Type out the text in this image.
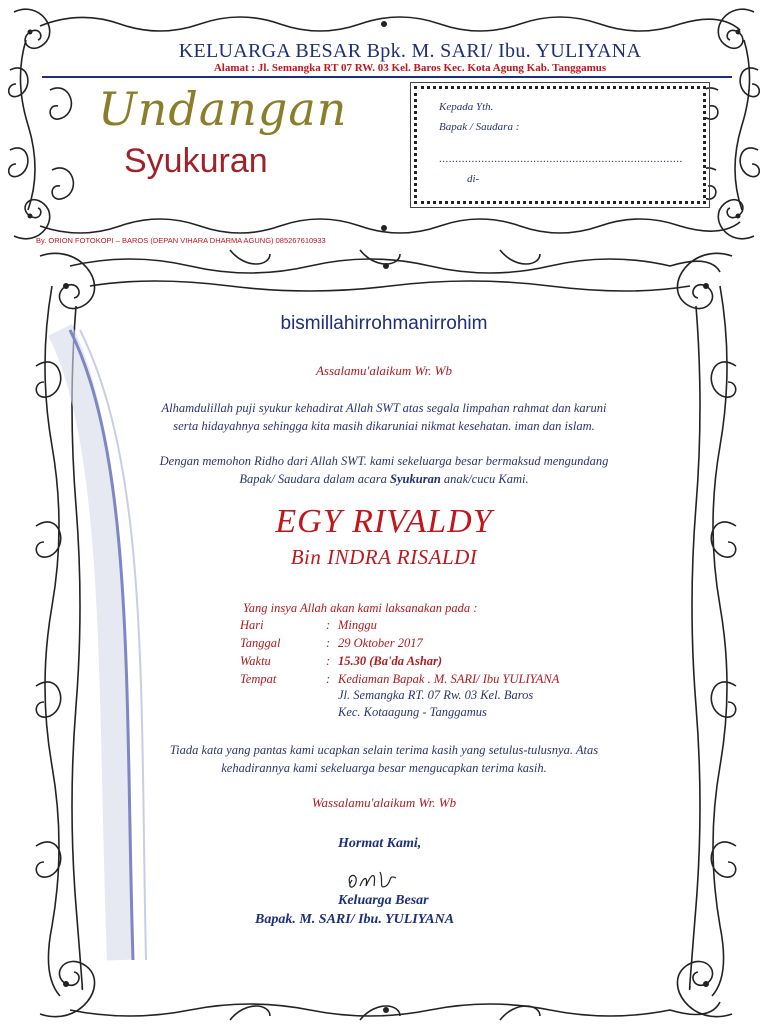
KELUARGA BESAR Bpk. M. SARI/ Ibu. YULIYANA
Alamat : Jl. Semangka RT 07 RW. 03 Kel. Baros Kec. Kota Agung Kab. Tanggamus
Undangan
Syukuran
Kepada Yth.
Bapak / Saudara :
...........................................................................
di-
By. ORION FOTOKOPI – BAROS (DEPAN VIHARA DHARMA AGUNG) 085267610933
bismillahirrohmanirrohim
Assalamu'alaikum Wr. Wb
Alhamdulillah puji syukur kehadirat Allah SWT atas segala limpahan rahmat dan karuni
serta hidayahnya sehingga kita masih dikaruniai nikmat kesehatan. iman dan islam.
Dengan memohon Ridho dari Allah SWT. kami sekeluarga besar bermaksud mengundang
Bapak/ Saudara dalam acara Syukuran anak/cucu Kami.
EGY RIVALDY
Bin INDRA RISALDI
Yang insya Allah akan kami laksanakan pada :
Hari	: Minggu
Tanggal	: 29 Oktober 2017
Waktu	: 15.30 (Ba'da Ashar)
Tempat	: Kediaman Bapak . M. SARI/ Ibu YULIYANA
Jl. Semangka RT. 07 Rw. 03 Kel. Baros
Kec. Kotaagung - Tanggamus
Tiada kata yang pantas kami ucapkan selain terima kasih yang setulus-tulusnya. Atas
kehadirannya kami sekeluarga besar mengucapkan terima kasih.
Wassalamu'alaikum Wr. Wb
Hormat Kami,
Keluarga Besar
Bapak. M. SARI/ Ibu. YULIYANA
